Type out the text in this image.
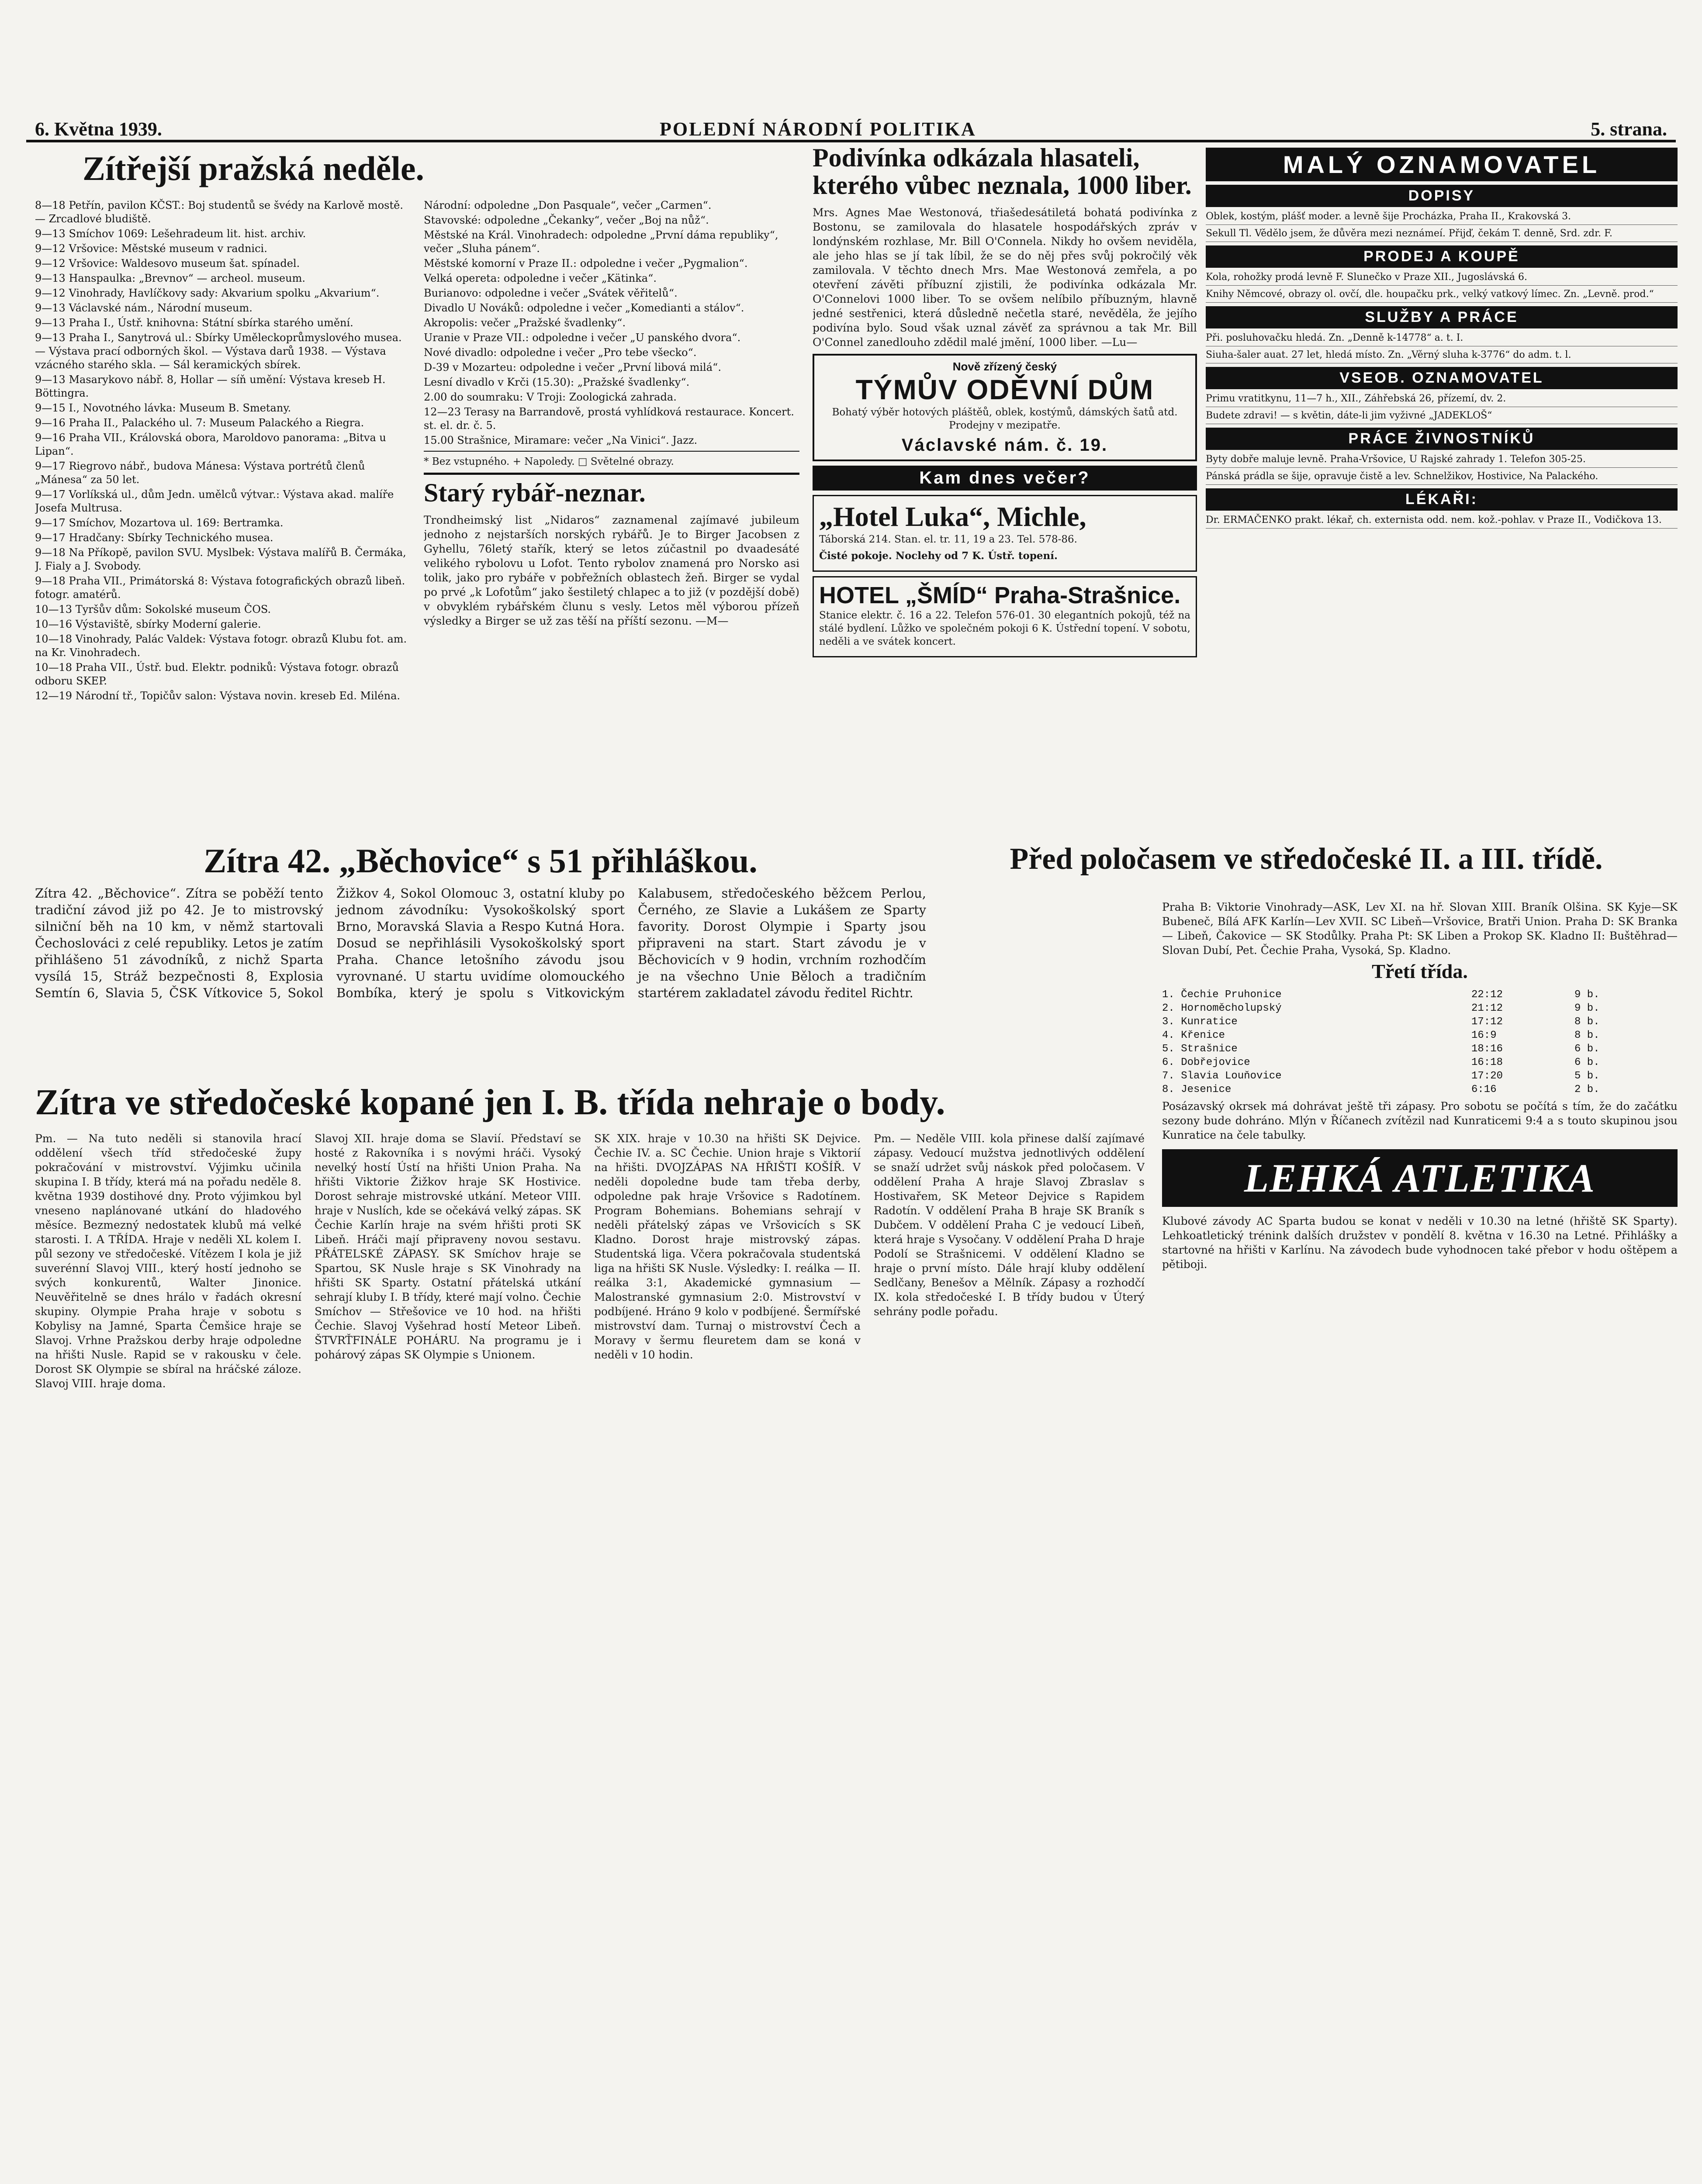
6. Května 1939.	POLEDNÍ NÁRODNÍ POLITIKA	5. strana.
Zítřejší pražská neděle.
8—18 Petřín, pavilon KČST.: Boj studentů se švédy na Karlově mostě. — Zrcadlové bludiště.
9—13 Smíchov 1069: Lešehradeum lit. hist. archiv.
9—12 Vršovice: Městské museum v radnici.
9—12 Vršovice: Waldesovo museum šat. spínadel.
9—13 Hanspaulka: „Brevnov“ — archeol. museum.
9—12 Vinohrady, Havlíčkovy sady: Akvarium spolku „Akvarium“.
9—13 Václavské nám., Národní museum.
9—13 Praha I., Ústř. knihovna: Státní sbírka starého umění.
9—13 Praha I., Sanytrová ul.: Sbírky Uměleckoprůmyslového musea. — Výstava prací odborných škol. — Výstava darů 1938. — Výstava vzácného starého skla. — Sál keramických sbírek.
9—13 Masarykovo nábř. 8, Hollar — síň umění: Výstava kreseb H. Böttingra.
9—15 I., Novotného lávka: Museum B. Smetany.
9—16 Praha II., Palackého ul. 7: Museum Palackého a Riegra.
9—16 Praha VII., Královská obora, Maroldovo panorama: „Bitva u Lipan“.
9—17 Riegrovo nábř., budova Mánesa: Výstava portrétů členů „Mánesa“ za 50 let.
9—17 Vorlíkská ul., dům Jedn. umělců výtvar.: Výstava akad. malíře Josefa Multrusa.
9—17 Smíchov, Mozartova ul. 169: Bertramka.
9—17 Hradčany: Sbírky Technického musea.
9—18 Na Příkopě, pavilon SVU. Myslbek: Výstava malířů B. Čermáka, J. Fialy a J. Svobody.
9—18 Praha VII., Primátorská 8: Výstava fotografických obrazů libeň. fotogr. amatérů.
10—13 Tyršův dům: Sokolské museum ČOS.
10—16 Výstaviště, sbírky Moderní galerie.
10—18 Vinohrady, Palác Valdek: Výstava fotogr. obrazů Klubu fot. am. na Kr. Vinohradech.
10—18 Praha VII., Ústř. bud. Elektr. podniků: Výstava fotogr. obrazů odboru SKEP.
12—19 Národní tř., Topičův salon: Výstava novin. kreseb Ed. Milénа.
Národní: odpoledne „Don Pasquale“, večer „Carmen“.
Stavovské: odpoledne „Čekanky“, večer „Boj na nůž“.
Městské na Král. Vinohradech: odpoledne „První dáma republiky“, večer „Sluha pánem“.
Městské komorní v Praze II.: odpoledne i večer „Pygmalion“.
Velká opereta: odpoledne i večer „Kätinka“.
Burianovo: odpoledne i večer „Svátek věřitelů“.
Divadlo U Nováků: odpoledne i večer „Komedianti a stálov“.
Akropolis: večer „Pražské švadlenky“.
Uranie v Praze VII.: odpoledne i večer „U panského dvora“.
Nové divadlo: odpoledne i večer „Pro tebe všecko“.
D-39 v Mozarteu: odpoledne i večer „První libová milá“.
Lesní divadlo v Krči (15.30): „Pražské švadlenky“.
2.00 do soumraku: V Troji: Zoologická zahrada.
12—23 Terasy na Barrandově, prostá vyhlídková restaurace. Koncert. st. el. dr. č. 5.
15.00 Strašnice, Miramare: večer „Na Vinici“. Jazz.
* Bez vstupného. + Napoledy. □ Světelné obrazy.
Starý rybář-neznar.
Trondheimský list „Nidaros“ zaznamenal zajímavé jubileum jednoho z nejstarších norských rybářů. Je to Birger Jacobsen z Gyhellu, 76letý stařík, který se letos zúčastnil po dvaadesáté velikého rybolovu u Lofot. Tento rybolov znamená pro Norsko asi tolik, jako pro rybáře v pobřežních oblastech žeň. Birger se vydal po prvé „k Lofotům“ jako šestiletý chlapec a to již (v pozdější době) v obvyklém rybářském člunu s vesly. Letos měl výborou přízeň výsledky a Birger se už zas těší na příští sezonu. —M—
Podivínka odkázala hlasateli, kterého vůbec neznala, 1000 liber.
Mrs. Agnes Mae Westonová, třiašedesátiletá bohatá podivínka z Bostonu, se zamilovala do hlasatele hospodářských zpráv v londýnském rozhlase, Mr. Bill O'Connela. Nikdy ho ovšem neviděla, ale jeho hlas se jí tak líbil, že se do něj přes svůj pokročilý věk zamilovala. V těchto dnech Mrs. Mae Westonová zemřela, a po otevření závěti příbuzní zjistili, že podivínka odkázala Mr. O'Connelovi 1000 liber. To se ovšem nelíbilo příbuzným, hlavně jedné sestřenici, která důsledně nečetla staré, nevěděla, že jejího podivína bylo. Soud však uznal závěť za správnou a tak Mr. Bill O'Connel zanedlouho zdědil malé jmění, 1000 liber. —Lu—
Nově zřízený český
TÝMŮV ODĚVNÍ DŮM
Bohatý výběr hotových pláštěů, oblek, kostýmů, dámských šatů atd. Prodejny v mezipatře.
Václavské nám. č. 19.
Kam dnes večer?
„Hotel Luka“, Michle,
Táborská 214. Stan. el. tr. 11, 19 a 23. Tel. 578-86.
Čisté pokoje. Noclehy od 7 K. Ústř. topení.
HOTEL „ŠMÍD“ Praha-Strašnice.
Stanice elektr. č. 16 a 22. Telefon 576-01. 30 elegantních pokojů, též na stálé bydlení. Lůžko ve společném pokoji 6 K. Ústřední topení. V sobotu, neděli a ve svátek koncert.
MALÝ OZNAMOVATEL
DOPISY
Oblek, kostým, plášť moder. a levně šije Procházka, Praha II., Krakovská 3.
Sekull Tl. Vědělo jsem, že důvěra mezi neznámeí. Přijď, čekám T. denně, Srd. zdr. F.
PRODEJ A KOUPĚ
Kola, rohožky prodá levně F. Slunečko v Praze XII., Jugoslávská 6.
Knihy Němcové, obrazy ol. ovčí, dle. houpačku prk., velký vatkový límec. Zn. „Levně. prod.“
SLUŽBY A PRÁCE
Při. posluhovačku hledá. Zn. „Denně k-14778“ a. t. I.
Siuha-šaler auat. 27 let, hledá místo. Zn. „Věrný sluha k-3776“ do adm. t. l.
VSEOB. OZNAMOVATEL
Primu vratitkynu, 11—7 h., XII., Záhřebská 26, přízemí, dv. 2.
Budete zdravi! — s květin, dáte-li jim vyživné „JADEKLOŠ“
PRÁCE ŽIVNOSTNÍKŮ
Byty dobře maluje levně. Praha-Vršovice, U Rajské zahrady 1. Telefon 305-25.
Pánská prádla se šije, opravuje čistě a lev. Schnelžikov, Hostivice, Na Palackého.
LÉKAŘI:
Dr. ERMAČENKO prakt. lékař, ch. externista odd. nem. kož.-pohlav. v Praze II., Vodičkova 13.
Zítra 42. „Běchovice“ s 51 přihláškou.
Zítra 42. „Běchovice“. Zítra se poběží tento tradiční závod již po 42. Je to mistrovský silniční běh na 10 km, v němž startovali Čechoslováci z celé republiky. Letos je zatím přihlášeno 51 závodníků, z nichž Sparta vysílá 15, Stráž bezpečnosti 8, Explosia Semtín 6, Slavia 5, ČSK Vítkovice 5, Sokol Žižkov 4, Sokol Olomouc 3, ostatní kluby po jednom závodníku: Vysokoškolský sport Brno, Moravská Slavia a Respo Kutná Hora. Dosud se nepřihlásili Vysokoškolský sport Praha. Chance letošního závodu jsou vyrovnané. U startu uvidíme olomouckého Bombíka, který je spolu s Vitkovickým Kalabusem, středočeského běžcem Perlou, Černého, ze Slavie a Lukášem ze Sparty favority. Dorost Olympie i Sparty jsou připraveni na start. Start závodu je v Běchovicích v 9 hodin, vrchním rozhodčím je na všechno Unie Běloch a tradičním startérem zakladatel závodu ředitel Richtr.
Zítra ve středočeské kopané jen I. B. třída nehraje o body.
Pm. — Na tuto neděli si stanovila hrací oddělení všech tříd středočeské župy pokračování v mistrovství. Výjimku učinila skupina I. B třídy, která má na pořadu neděle 8. května 1939 dostihové dny. Proto výjimkou byl vneseno naplánované utkání do hladového měsíce. Bezmezný nedostatek klubů má velké starosti. I. A TŘÍDA. Hraje v neděli XL kolem I. půl sezony ve středočeské. Vítězem I kola je již suverénní Slavoj VIII., který hostí jednoho se svých konkurentů, Walter Jinonice. Neuvěřitelně se dnes hrálo v řadách okresní skupiny. Olympie Praha hraje v sobotu s Kobylisy na Jamné, Sparta Čemšice hraje se Slavoj. Vrhne Pražskou derby hraje odpoledne na hřišti Nusle. Rapid se v rakousku v čele. Dorost SK Olympie se sbíral na hráčské záloze. Slavoj VIII. hraje doma.
Slavoj XII. hraje doma se Slavií. Představí se hosté z Rakovníka i s novými hráči. Vysoký nevelký hostí Ústí na hřišti Union Praha. Na hřišti Viktorie Žižkov hraje SK Hostivice. Dorost sehraje mistrovské utkání. Meteor VIII. hraje v Nuslích, kde se očekává velký zápas. SK Čechie Karlín hraje na svém hřišti proti SK Libeň. Hráči mají připraveny novou sestavu. PŘÁTELSKÉ ZÁPASY. SK Smíchov hraje se Spartou, SK Nusle hraje s SK Vinohrady na hřišti SK Sparty. Ostatní přátelská utkání sehrají kluby I. B třídy, které mají volno. Čechie Smíchov — Střešovice ve 10 hod. na hřišti Čechie. Slavoj Vyšehrad hostí Meteor Libeň. ŠTVRŤFINÁLE POHÁRU. Na programu je i pohárový zápas SK Olympie s Unionem.
SK XIX. hraje v 10.30 na hřišti SK Dejvice. Čechie IV. a. SC Čechie. Union hraje s Viktorií na hřišti. DVOJZÁPAS NA HŘIŠTI KOŠÍŘ. V neděli dopoledne bude tam třeba derby, odpoledne pak hraje Vršovice s Radotínem. Program Bohemians. Bohemians sehrají v neděli přátelský zápas ve Vršovicích s SK Kladno. Dorost hraje mistrovský zápas. Studentská liga. Včera pokračovala studentská liga na hřišti SK Nusle. Výsledky: I. reálka — II. reálka 3:1, Akademické gymnasium — Malostranské gymnasium 2:0. Mistrovství v podbíjené. Hráno 9 kolo v podbíjené. Šermířské mistrovství dam. Turnaj o mistrovství Čech a Moravy v šermu fleuretem dam se koná v neděli v 10 hodin.
Pm. — Neděle VIII. kola přinese další zajímavé zápasy. Vedoucí mužstva jednotlivých oddělení se snaží udržet svůj náskok před poločasem. V oddělení Praha A hraje Slavoj Zbraslav s Hostivařem, SK Meteor Dejvice s Rapidem Radotín. V oddělení Praha B hraje SK Braník s Dubčem. V oddělení Praha C je vedoucí Libeň, která hraje s Vysočany. V oddělení Praha D hraje Podolí se Strašnicemi. V oddělení Kladno se hraje o první místo. Dále hrají kluby oddělení Sedlčany, Benešov a Mělník. Zápasy a rozhodčí IX. kola středočeské I. B třídy budou v Úterý sehrány podle pořadu.
Před poločasem ve středočeské II. a III. třídě.
Praha B: Viktorie Vinohrady—ASK, Lev XI. na hř. Slovan XIII. Braník Olšina. SK Kyje—SK Bubeneč, Bílá AFK Karlín—Lev XVII. SC Libeň—Vršovice, Bratři Union. Praha D: SK Branka — Libeň, Čakovice — SK Stodůlky. Praha Pt: SK Liben a Prokop SK. Kladno II: Buštěhrad—Slovan Dubí, Pet. Čechie Praha, Vysoká, Sp. Kladno.
Třetí třída.
1. Čechie Pruhonice	22:12	9 b.
2. Hornoměcholupský	21:12	9 b.
3. Kunratice	17:12	8 b.
4. Křenice	16:9	8 b.
5. Strašnice	18:16	6 b.
6. Dobřejovice	16:18	6 b.
7. Slavia Louňovice	17:20	5 b.
8. Jesenice	6:16	2 b.
Posázavský okrsek má dohrávat ještě tři zápasy. Pro sobotu se počítá s tím, že do začátku sezony bude dohráno. Mlýn v Říčanech zvítězil nad Kunraticemi 9:4 a s touto skupinou jsou Kunratice na čele tabulky.
LEHKÁ ATLETIKA
Klubové závody AC Sparta budou se konat v neděli v 10.30 na letné (hřiště SK Sparty). Lehkoatletický trénink dalších družstev v pondělí 8. května v 16.30 na Letné. Přihlášky a startovné na hřišti v Karlínu. Na závodech bude vyhodnocen také přebor v hodu oštěpem a pětiboji.
